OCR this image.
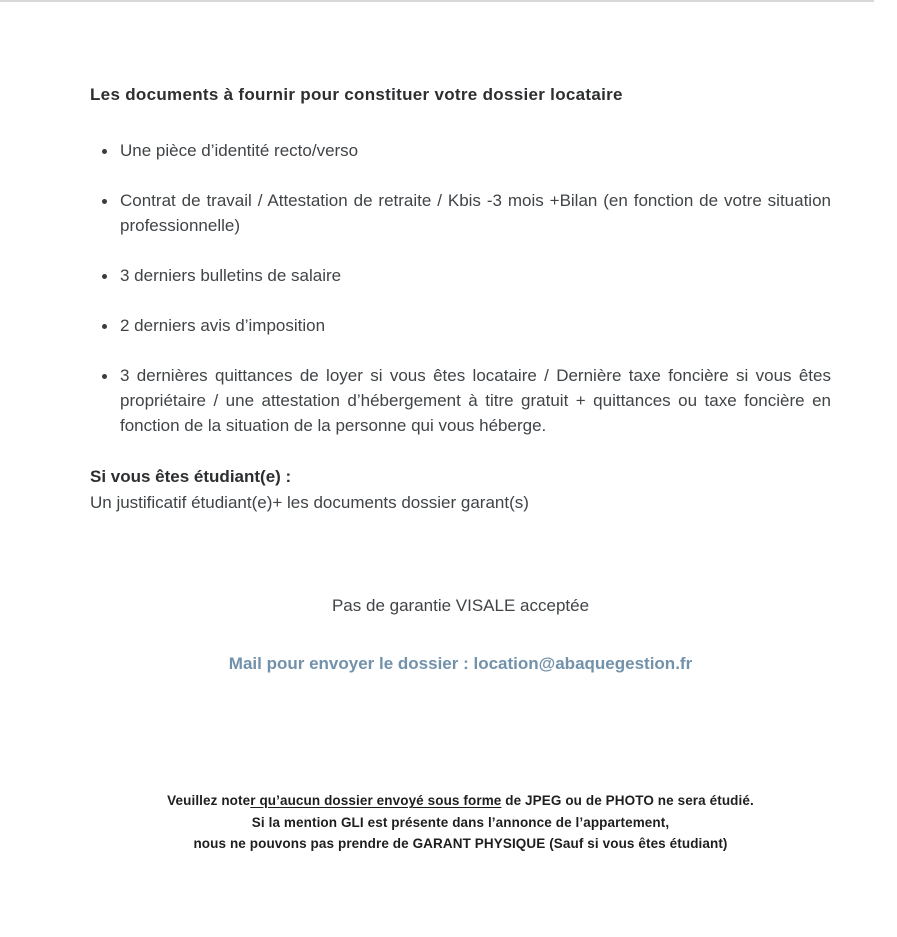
Les documents à fournir pour constituer votre dossier locataire
Une pièce d’identité recto/verso
Contrat de travail / Attestation de retraite / Kbis -3 mois +Bilan (en fonction de votre situation professionnelle)
3 derniers bulletins de salaire
2 derniers avis d’imposition
3 dernières quittances de loyer si vous êtes locataire / Dernière taxe foncière si vous êtes propriétaire / une attestation d’hébergement à titre gratuit + quittances ou taxe foncière en fonction de la situation de la personne qui vous héberge.

Si vous êtes étudiant(e) :

Un justificatif étudiant(e)+ les documents dossier garant(s)

Pas de garantie VISALE acceptée

Mail pour envoyer le dossier : location@abaquegestion.fr

Veuillez noter qu’aucun dossier envoyé sous forme de JPEG ou de PHOTO ne sera étudié.

Si la mention GLI est présente dans l’annonce de l’appartement,

nous ne pouvons pas prendre de GARANT PHYSIQUE (Sauf si vous êtes étudiant)
